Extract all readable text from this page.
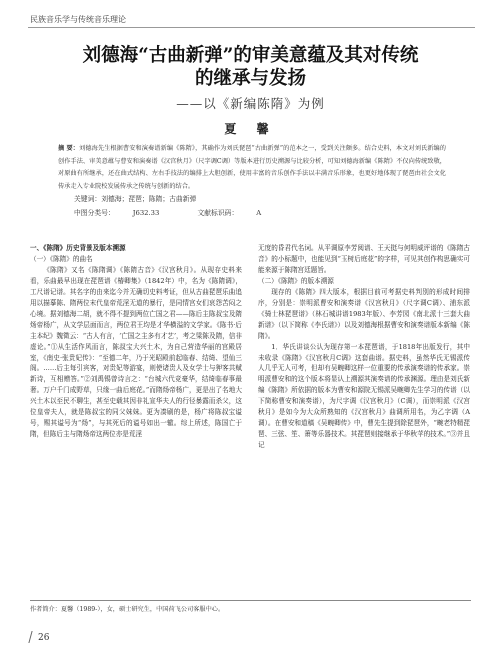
民族音乐学与传统音乐理论
刘德海“古曲新弹”的审美意蕴及其对传统
的继承与发扬
——以《新编陈隋》为例
夏 馨
摘 要：刘德海先生根据曹安和演奏谱新编《陈隋》，其确作为刘氏琵琶“古曲新弹”的范本之一，受到关注颇多。结合史料，本文对刘氏新编的创作手法、审美意蕴与曹安和演奏谱《汉宫秋月》（尺字调C调）等版本进行历史溯源与比较分析，可知刘德海新编《陈隋》不仅向传统致敬，对原曲有所继承，还在曲式结构、左右手技法的编排上大胆创新，使用丰富的音乐创作手法以丰满音乐形象，也更好地体现了琵琶由社会文化传承走入专业院校发展传承之传统与创新的结合。
关键词：刘德海；琵琶；陈隋；古曲新弹
中图分类号：	J632.33	文献标识码：	A

一、《陈隋》历史背景及版本溯源

（一）《陈隋》的曲名

《陈隋》又名《陈隋调》《陈隋古音》《汉宫秋月》。从现存史料来看，乐曲最早出现在琵琶谱《椿卿集》（1842年）中，名为《陈隋调》，工尺谱记谱。其名字的由来迄今并无确切史料考证，但从古曲琵琶乐曲追用以描摹陈、隋两位末代皇帝荒淫无道的暴行，是同情宫女们哀怨苦闷之心境。据刘德海二胡，就不得不提到两位亡国之君——陈后主陈叔宝及隋炀帝杨广，从文学层面而言，两位君王均是才华横溢的文学家。《陈书·后主本纪》魏徵云：“古人有言，‘亡国之主多有才艺’，考之梁陈及隋，信非虚论。”①从生活作风而言，陈叔宝大兴土木，为自己营造华丽的宫殿居室，《南史·张贵妃传》：“至德二年，乃于光昭殿前起临春、结绮、望仙三阁。……后主每引宾客，对贵妃等游宴，则使诸贵人及女学士与狎客共赋新诗，互相赠答。”②刘禹锡曾诗言之：“台城六代竞豪华，结绮临春事最奢。万户千门成野草，只缘一曲后庭花。”而隋炀帝杨广，更是出了名地大兴土木以至民不聊生，甚至史载其因非礼宣华夫人的行径暴露而杀父，这位皇帝夫人，就是陈叔宝的同父妹妹。更为凑刷的是，杨广将陈叔宝谥号，赐其谥号为“炀”，与其死后的谥号如出一辙。综上所述，陈国亡于隋，但陈后主与隋炀帝这两位亦是荒淫

无度的昏君代名词。从平调原李芳阅谱、王天挺与何明威评谱的《陈隋古音》的小标题中，也能见到“玉树后庭花”的字样，可见其创作构思确实可能来源于陈隋宫廷题旨。

（二）《陈隋》的版本溯源

现存的《陈隋》四大版本，根据目前可考据史料判别的形成时间排序，分别是：崇明派曹安和演奏谱《汉宫秋月》（尺字调C调）、浦东派《骑士林琵琶谱》（林石城讲谱1983年版）、李芳园《南北派十三套大曲新谱》（以下简称《李氏谱》）以及刘德海根据曹安和演奏谱版本新编《陈隋》。

1．华氏讲谈公认为现存第一本琵琶谱，于1818年出版发行，其中未收录《陈隋》《汉宫秋月C调》这套曲谱。据史料，虽然华氏无锡派传人几乎无人可考，但却有吴畹卿这样一位重要的传承演奏谱的传承家。崇明派曹安和的这个版本将显认上溯源其演奏谱的传承渊源。理由是刘氏新编《陈隋》所依据的版本为曹安和源院无锡派吴畹卿先生学习的传谱（以下简称曹安和演奏谱），为尺字调《汉宫秋月》（C调），而崇明派《汉宫秋月》是如今为大众所熟知的《汉宫秋月》曲调所用名，为乙字调（A调）。在曹安和道稿《吴畹卿传》中，曹先生提到除琵琶外，“畹老特精琵琶、三弦、笙、箫等乐器技术。其琵琶则接继承于华秋苹的技术。”③并且记

作者简介：夏馨（1989-），女，硕士研究生，中国荷飞公司客服中心。
26
